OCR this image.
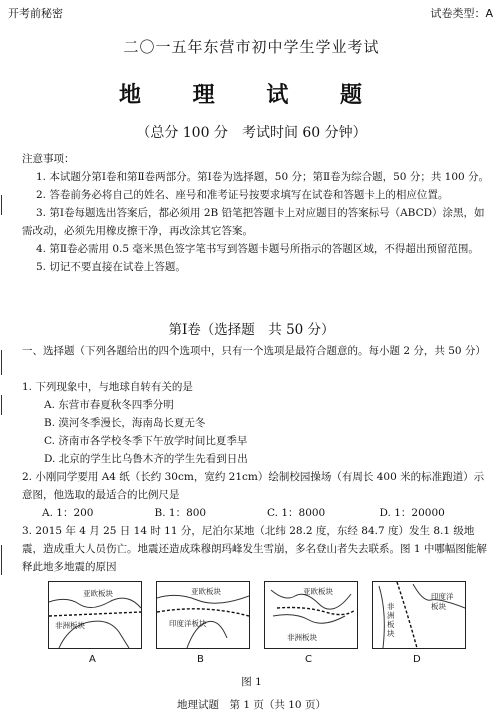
开考前秘密	试卷类型：A
二〇一五年东营市初中学生学业考试
地 理 试 题
（总分 100 分　考试时间 60 分钟）

注意事项：

1. 本试题分第Ⅰ卷和第Ⅱ卷两部分。第Ⅰ卷为选择题，50 分；第Ⅱ卷为综合题，50 分；共 100 分。

2. 答卷前务必将自己的姓名、座号和准考证号按要求填写在试卷和答题卡上的相应位置。

3. 第Ⅰ卷每题选出答案后，都必须用 2B 铅笔把答题卡上对应题目的答案标号（ABCD）涂黑，如需改动，必须先用橡皮擦干净，再改涂其它答案。

4. 第Ⅱ卷必需用 0.5 毫米黑色签字笔书写到答题卡题号所指示的答题区域，不得超出预留范围。

5. 切记不要直接在试卷上答题。

第Ⅰ卷（选择题　共 50 分）

一、选择题（下列各题给出的四个选项中，只有一个选项是最符合题意的。每小题 2 分，共 50 分）

1. 下列现象中，与地球自转有关的是

A. 东营市春夏秋冬四季分明

B. 漠河冬季漫长，海南岛长夏无冬

C. 济南市各学校冬季下午放学时间比夏季早

D. 北京的学生比乌鲁木齐的学生先看到日出

2. 小刚同学要用 A4 纸（长约 30cm，宽约 21cm）绘制校园操场（有周长 400 米的标准跑道）示意图，他选取的最适合的比例尺是

A. 1：200	B. 1：800	C. 1：8000	D. 1：20000

3. 2015 年 4 月 25 日 14 时 11 分，尼泊尔某地（北纬 28.2 度，东经 84.7 度）发生 8.1 级地震，造成重大人员伤亡。地震还造成珠穆朗玛峰发生雪崩，多名登山者失去联系。图 1 中哪幅图能解释此地多地震的原因

亚欧板块
非洲板块
亚欧板块
印度洋板块
亚欧板块
非洲板块
非洲板块
印度洋板块
A	B	C	D
图 1
地理试题　第 1 页（共 10 页）
